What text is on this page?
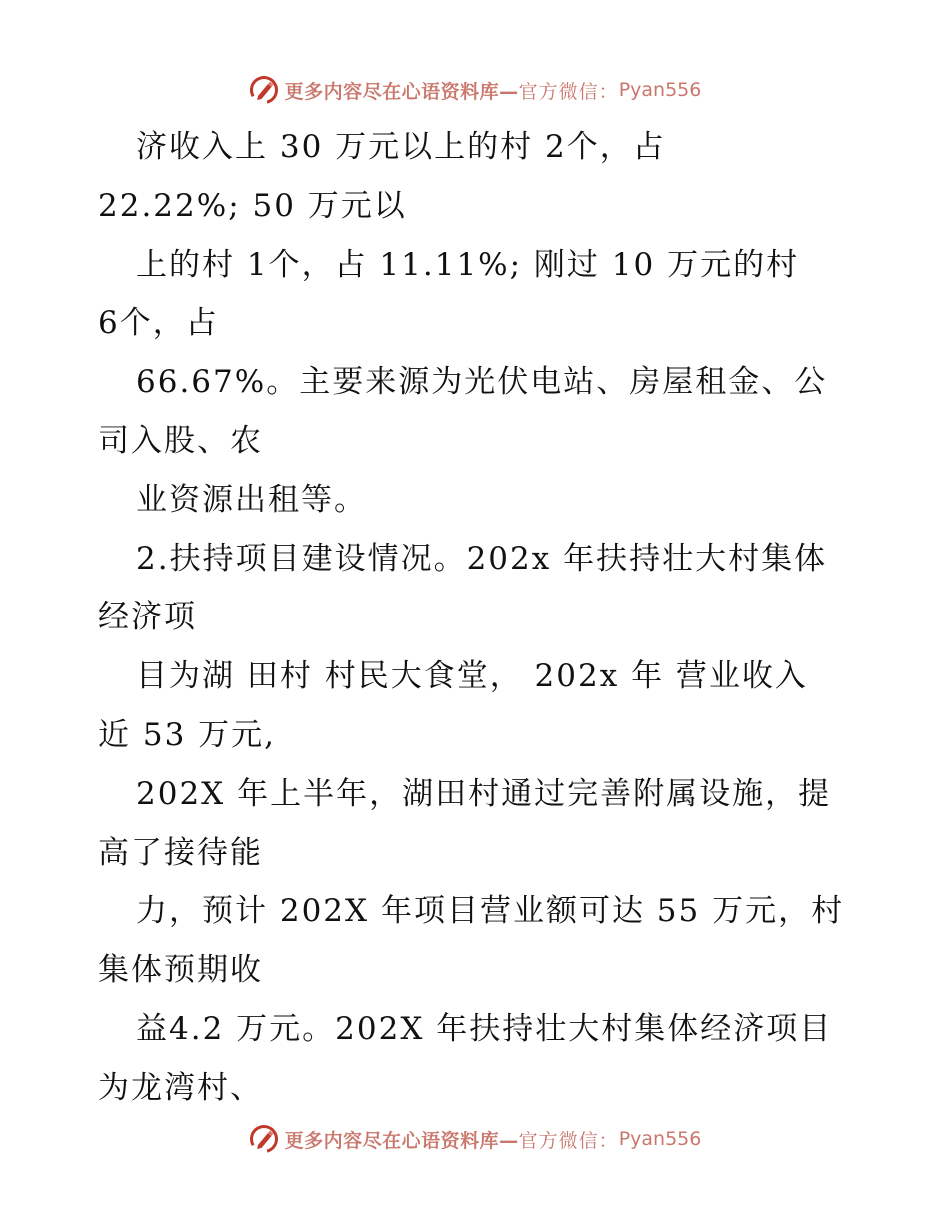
更多内容尽在心语资料库— 官方微信： Pyan556
济收入上 30 万元以上的村 2个，占
22.22%; 50 万元以
上的村 1个，占 11.11%; 刚过 10 万元的村
6个，占
66.67%。主要来源为光伏电站、房屋租金、公
司入股、农
业资源出租等。
2.扶持项目建设情况。202x 年扶持壮大村集体
经济项
目为湖 田村 村民大食堂， 202x 年 营业收入
近 53 万元,
202X 年上半年，湖田村通过完善附属设施，提
高了接待能
力，预计 202X 年项目营业额可达 55 万元，村
集体预期收
益4.2 万元。202X 年扶持壮大村集体经济项目
为龙湾村、
更多内容尽在心语资料库— 官方微信： Pyan556
